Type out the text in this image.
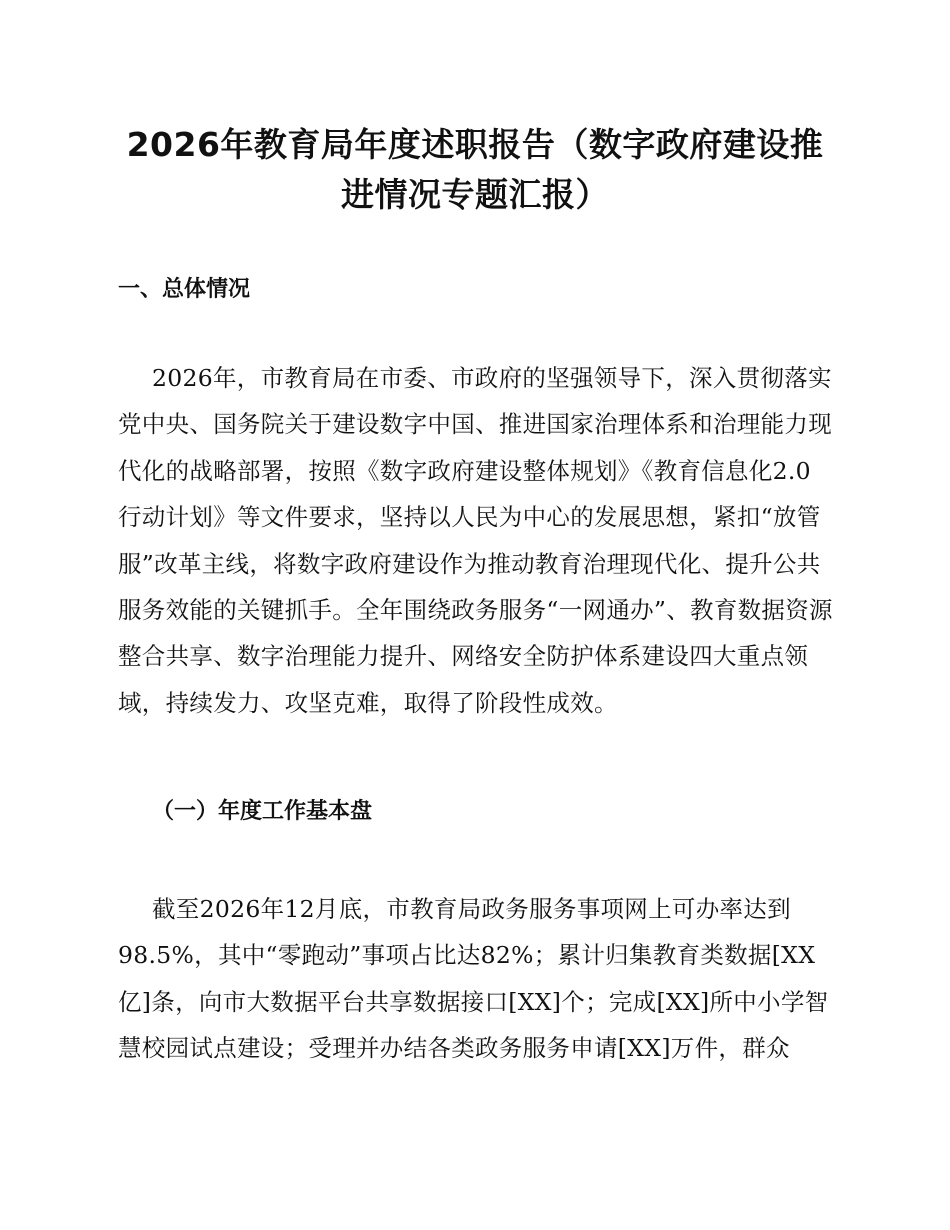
2026年教育局年度述职报告（数字政府建设推进情况专题汇报）
一、总体情况

2026年，市教育局在市委、市政府的坚强领导下，深入贯彻落实党中央、国务院关于建设数字中国、推进国家治理体系和治理能力现代化的战略部署，按照《数字政府建设整体规划》《教育信息化2.0行动计划》等文件要求，坚持以人民为中心的发展思想，紧扣“放管服”改革主线，将数字政府建设作为推动教育治理现代化、提升公共服务效能的关键抓手。全年围绕政务服务“一网通办”、教育数据资源整合共享、数字治理能力提升、网络安全防护体系建设四大重点领域，持续发力、攻坚克难，取得了阶段性成效。

（一）年度工作基本盘

截至2026年12月底，市教育局政务服务事项网上可办率达到98.5%，其中“零跑动”事项占比达82%；累计归集教育类数据[XX亿]条，向市大数据平台共享数据接口[XX]个；完成[XX]所中小学智慧校园试点建设；受理并办结各类政务服务申请[XX]万件，群众
